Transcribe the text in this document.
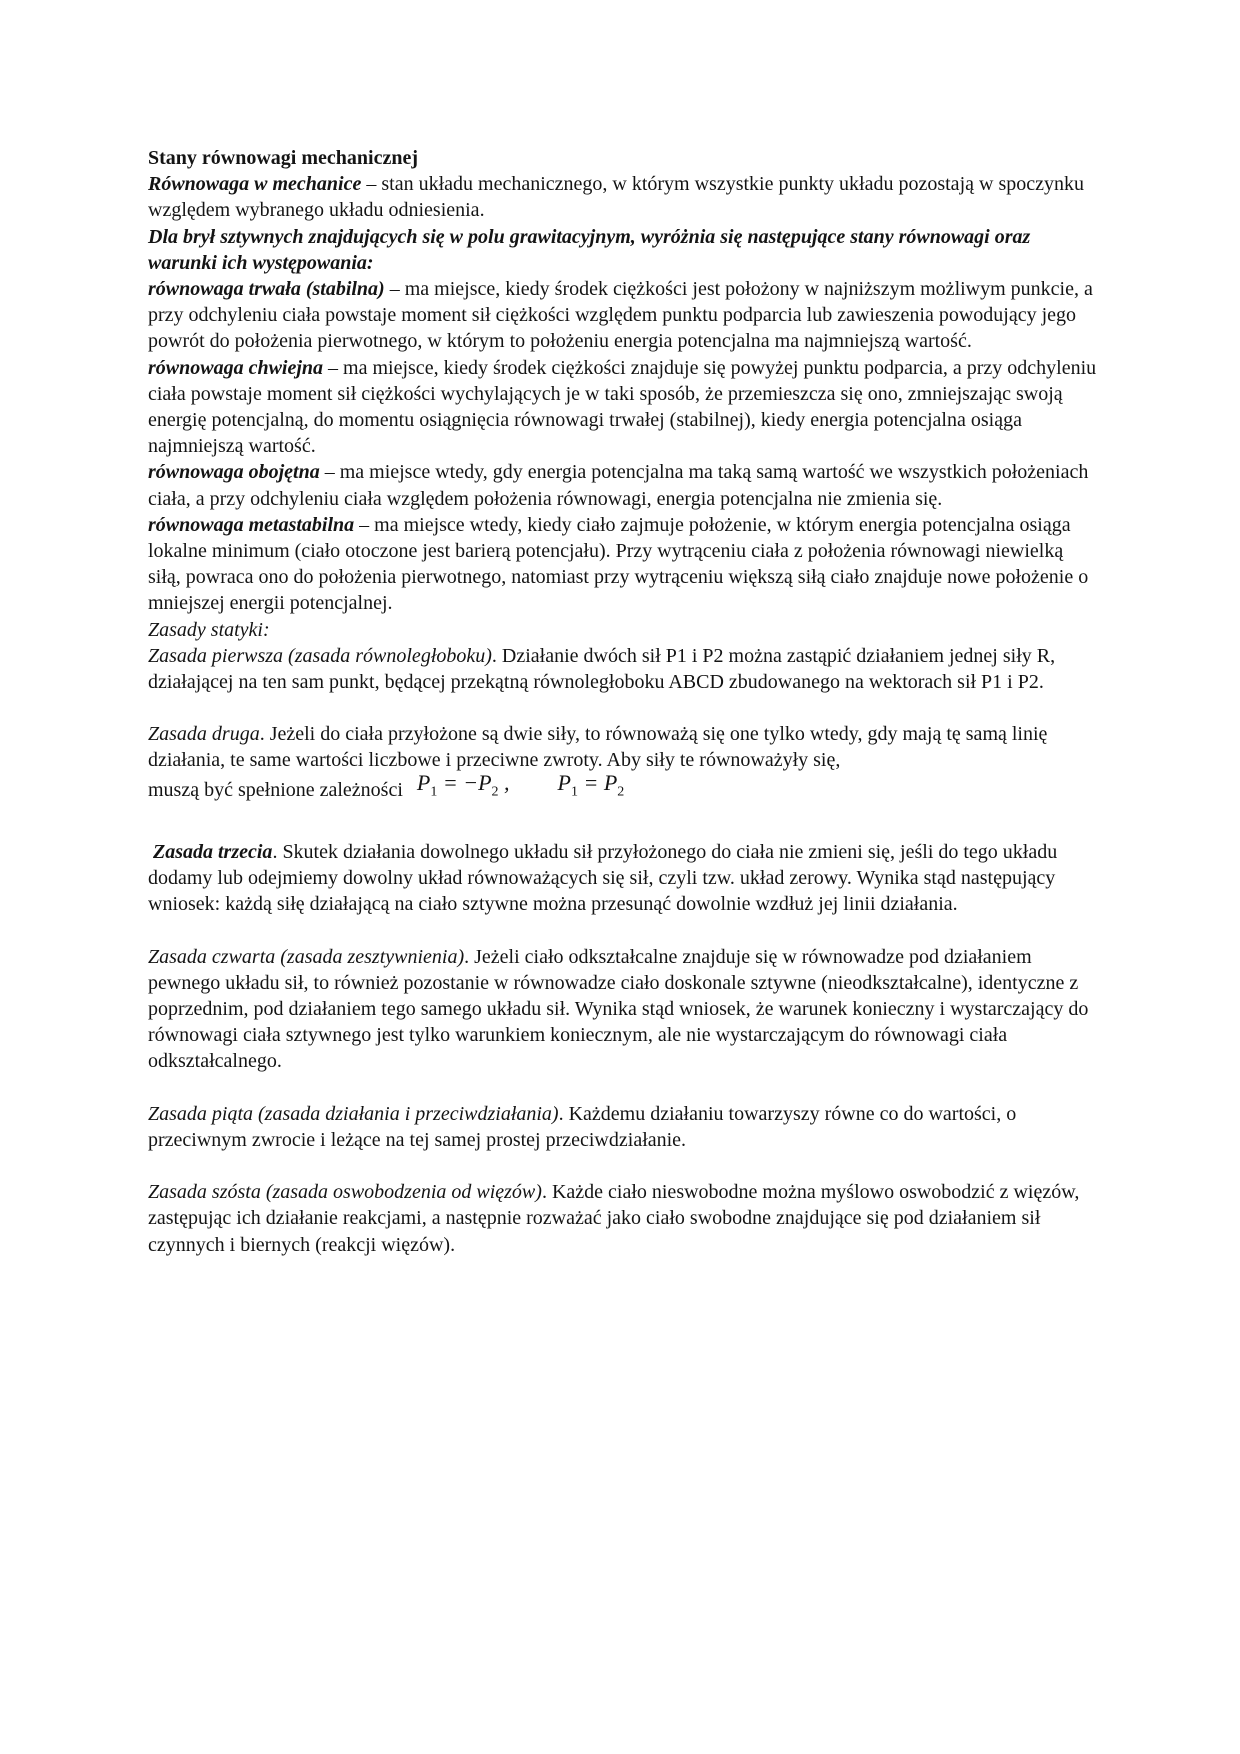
Stany równowagi mechanicznej

Równowaga w mechanice – stan układu mechanicznego, w którym wszystkie punkty układu pozostają w spoczynku względem wybranego układu odniesienia.

Dla brył sztywnych znajdujących się w polu grawitacyjnym, wyróżnia się następujące stany równowagi oraz warunki ich występowania:

równowaga trwała (stabilna) – ma miejsce, kiedy środek ciężkości jest położony w najniższym możliwym punkcie, a przy odchyleniu ciała powstaje moment sił ciężkości względem punktu podparcia lub zawieszenia powodujący jego powrót do położenia pierwotnego, w którym to położeniu energia potencjalna ma najmniejszą wartość.

równowaga chwiejna – ma miejsce, kiedy środek ciężkości znajduje się powyżej punktu podparcia, a przy odchyleniu ciała powstaje moment sił ciężkości wychylających je w taki sposób, że przemieszcza się ono, zmniejszając swoją energię potencjalną, do momentu osiągnięcia równowagi trwałej (stabilnej), kiedy energia potencjalna osiąga najmniejszą wartość.

równowaga obojętna – ma miejsce wtedy, gdy energia potencjalna ma taką samą wartość we wszystkich położeniach ciała, a przy odchyleniu ciała względem położenia równowagi, energia potencjalna nie zmienia się.

równowaga metastabilna – ma miejsce wtedy, kiedy ciało zajmuje położenie, w którym energia potencjalna osiąga lokalne minimum (ciało otoczone jest barierą potencjału). Przy wytrąceniu ciała z położenia równowagi niewielką siłą, powraca ono do położenia pierwotnego, natomiast przy wytrąceniu większą siłą ciało znajduje nowe położenie o mniejszej energii potencjalnej.

Zasady statyki:

Zasada pierwsza (zasada równoległoboku). Działanie dwóch sił P1 i P2 można zastąpić działaniem jednej siły R, działającej na ten sam punkt, będącej przekątną równoległoboku ABCD zbudowanego na wektorach sił P1 i P2.

Zasada druga. Jeżeli do ciała przyłożone są dwie siły, to równoważą się one tylko wtedy, gdy mają tę samą linię działania, te same wartości liczbowe i przeciwne zwroty. Aby siły te równoważyły się,

muszą być spełnione zależności $P_1 = -P_2$ , $P_1 = P_2$

Zasada trzecia. Skutek działania dowolnego układu sił przyłożonego do ciała nie zmieni się, jeśli do tego układu dodamy lub odejmiemy dowolny układ równoważących się sił, czyli tzw. układ zerowy. Wynika stąd następujący wniosek: każdą siłę działającą na ciało sztywne można przesunąć dowolnie wzdłuż jej linii działania.

Zasada czwarta (zasada zesztywnienia). Jeżeli ciało odkształcalne znajduje się w równowadze pod działaniem pewnego układu sił, to również pozostanie w równowadze ciało doskonale sztywne (nieodkształcalne), identyczne z poprzednim, pod działaniem tego samego układu sił. Wynika stąd wniosek, że warunek konieczny i wystarczający do równowagi ciała sztywnego jest tylko warunkiem koniecznym, ale nie wystarczającym do równowagi ciała odkształcalnego.

Zasada piąta (zasada działania i przeciwdziałania). Każdemu działaniu towarzyszy równe co do wartości, o przeciwnym zwrocie i leżące na tej samej prostej przeciwdziałanie.

Zasada szósta (zasada oswobodzenia od więzów). Każde ciało nieswobodne można myślowo oswobodzić z więzów, zastępując ich działanie reakcjami, a następnie rozważać jako ciało swobodne znajdujące się pod działaniem sił czynnych i biernych (reakcji więzów).
